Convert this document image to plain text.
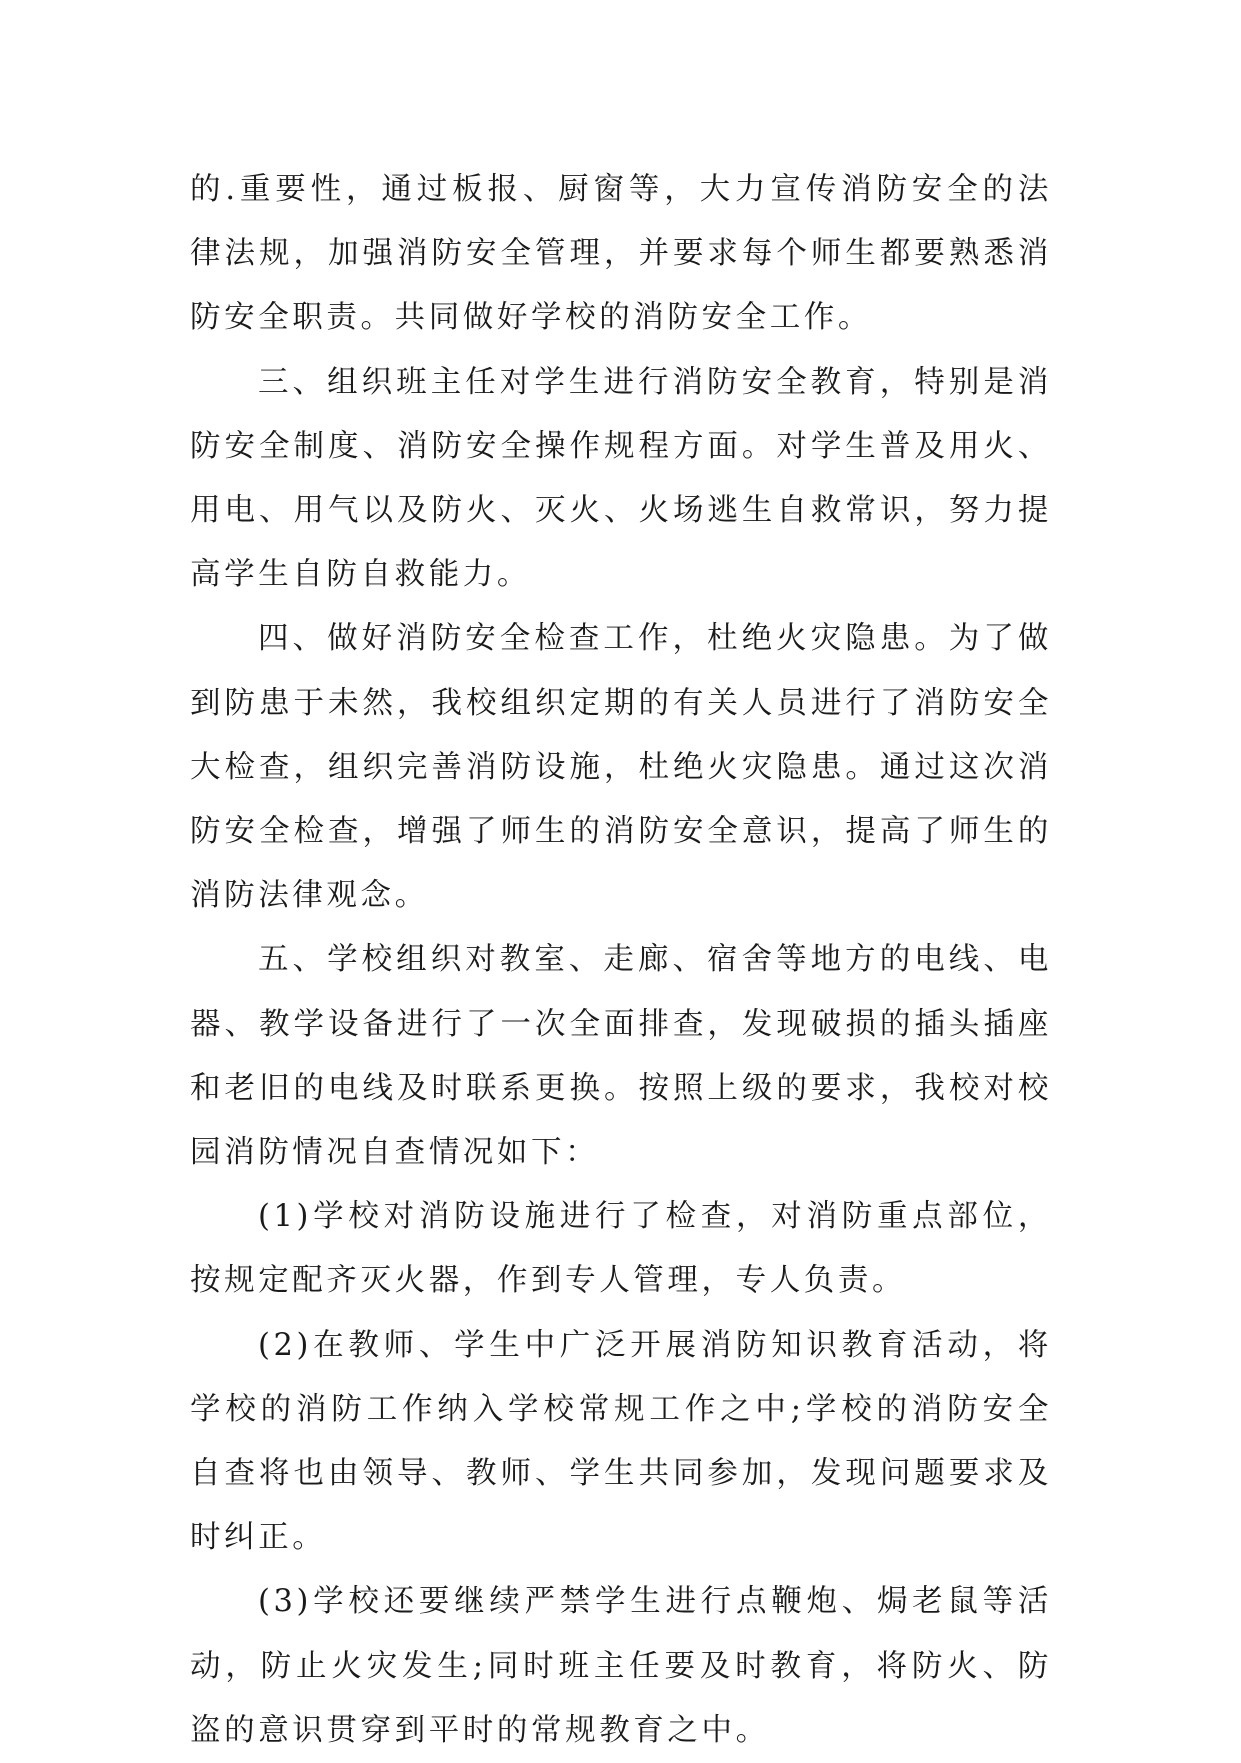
的.重要性，通过板报、厨窗等，大力宣传消防安全的法律法规，加强消防安全管理，并要求每个师生都要熟悉消防安全职责。共同做好学校的消防安全工作。

三、组织班主任对学生进行消防安全教育，特别是消防安全制度、消防安全操作规程方面。对学生普及用火、用电、用气以及防火、灭火、火场逃生自救常识，努力提高学生自防自救能力。

四、做好消防安全检查工作，杜绝火灾隐患。为了做到防患于未然，我校组织定期的有关人员进行了消防安全大检查，组织完善消防设施，杜绝火灾隐患。通过这次消防安全检查，增强了师生的消防安全意识，提高了师生的消防法律观念。

五、学校组织对教室、走廊、宿舍等地方的电线、电器、教学设备进行了一次全面排查，发现破损的插头插座和老旧的电线及时联系更换。按照上级的要求，我校对校园消防情况自查情况如下：

(1)学校对消防设施进行了检查，对消防重点部位，按规定配齐灭火器，作到专人管理，专人负责。

(2)在教师、学生中广泛开展消防知识教育活动，将学校的消防工作纳入学校常规工作之中;学校的消防安全自查将也由领导、教师、学生共同参加，发现问题要求及时纠正。

(3)学校还要继续严禁学生进行点鞭炮、焗老鼠等活动，防止火灾发生;同时班主任要及时教育，将防火、防盗的意识贯穿到平时的常规教育之中。
